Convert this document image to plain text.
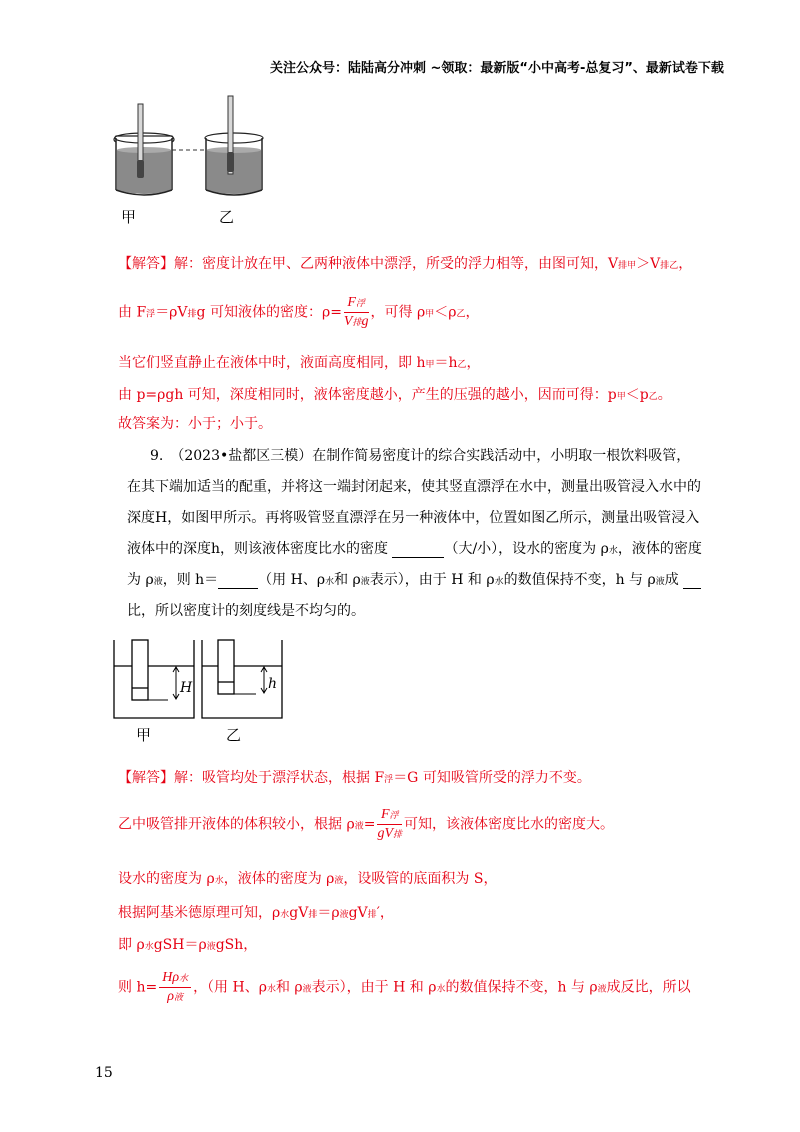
关注公众号：陆陆高分冲刺 ~领取：最新版“小中高考-总复习”、最新试卷下载
甲	乙
【解答】解：密度计放在甲、乙两种液体中漂浮，所受的浮力相等，由图可知，V排甲＞V排乙，
由 F浮＝ρV排g 可知液体的密度：$\rho= \frac{\text{F浮}}{\text{V排g}}$ ，可得 ρ甲＜ρ乙，
当它们竖直静止在液体中时，液面高度相同，即 h甲＝h乙，
由 p=ρgh 可知，深度相同时，液体密度越小，产生的压强的越小，因而可得：p甲＜p乙。
故答案为：小于；小于。
9.　（2023•盐都区三模）在制作简易密度计的综合实践活动中，小明取一根饮料吸管，
在其下端加适当的配重，并将这一端封闭起来，使其竖直漂浮在水中，测量出吸管浸入水中的
深度H，如图甲所示。再将吸管竖直漂浮在另一种液体中，位置如图乙所示，测量出吸管浸入
液体中的深度h，则该液体密度比水的密度	（大/小），设水的密度为 ρ水，液体的密度
为 ρ液，则 h＝	（用 H、ρ水和 ρ液表示），由于 H 和 ρ水的数值保持不变，h 与 ρ液成
比，所以密度计的刻度线是不均匀的。
H	h
甲	乙
【解答】解：吸管均处于漂浮状态，根据 F浮＝G 可知吸管所受的浮力不变。
乙中吸管排开液体的体积较小，根据 ρ液= $\frac{\text{F浮}}{\text{gV排}}$ 可知，该液体密度比水的密度大。
设水的密度为 ρ水，液体的密度为 ρ液，设吸管的底面积为 S，
根据阿基米德原理可知，ρ水gV排＝ρ液gV排′，
即 ρ水gSH＝ρ液gSh，
则 $h= \frac{\text{Hρ水}}{\text{ρ液}}$ ，（用 H、ρ水和 ρ液表示），由于 H 和 ρ水的数值保持不变，h 与 ρ液成反比，所以
15
